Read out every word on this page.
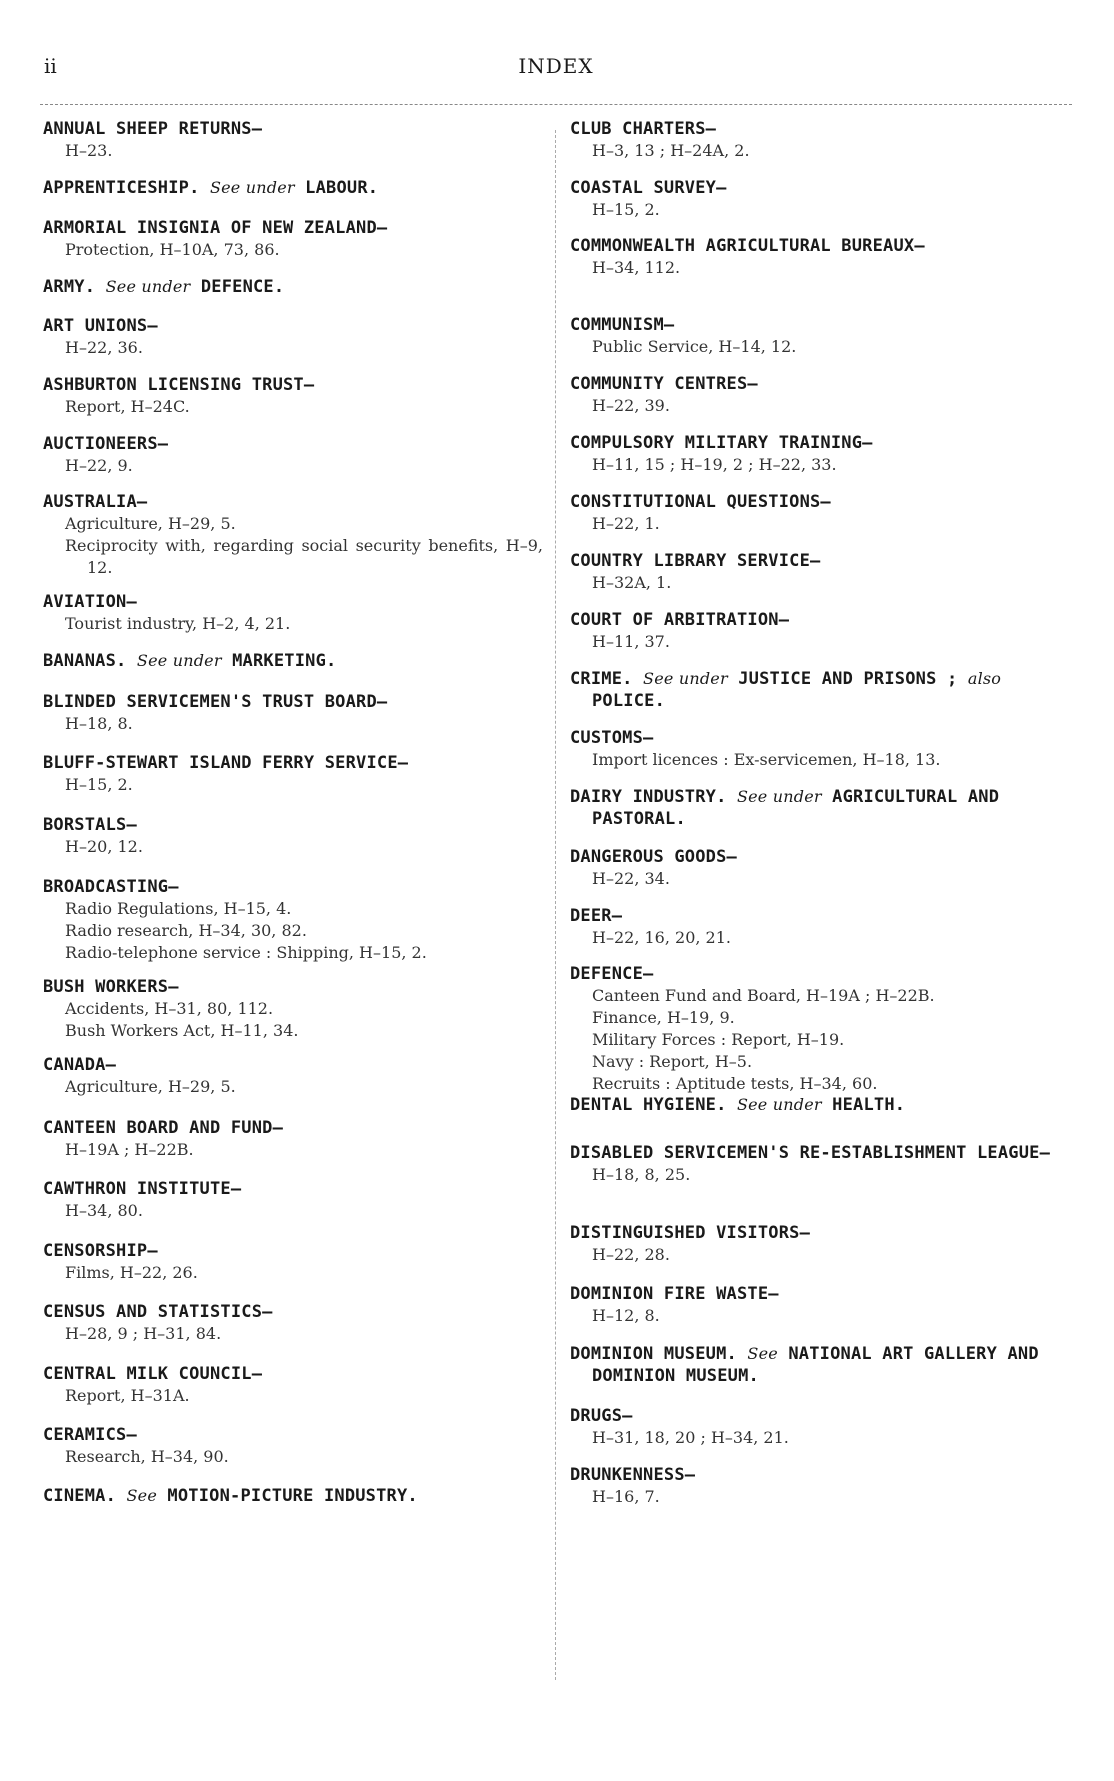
ii	INDEX
ANNUAL SHEEP RETURNS—
H–23.
APPRENTICESHIP. See under LABOUR.
ARMORIAL INSIGNIA OF NEW ZEALAND—
Protection, H–10A, 73, 86.
ARMY. See under DEFENCE.
ART UNIONS—
H–22, 36.
ASHBURTON LICENSING TRUST—
Report, H–24C.
AUCTIONEERS—
H–22, 9.
AUSTRALIA—
Agriculture, H–29, 5.
Reciprocity with, regarding social security benefits, H–9, 12.
AVIATION—
Tourist industry, H–2, 4, 21.
BANANAS. See under MARKETING.
BLINDED SERVICEMEN'S TRUST BOARD—
H–18, 8.
BLUFF-STEWART ISLAND FERRY SERVICE—
H–15, 2.
BORSTALS—
H–20, 12.
BROADCASTING—
Radio Regulations, H–15, 4.
Radio research, H–34, 30, 82.
Radio-telephone service : Shipping, H–15, 2.
BUSH WORKERS—
Accidents, H–31, 80, 112.
Bush Workers Act, H–11, 34.
CANADA—
Agriculture, H–29, 5.
CANTEEN BOARD AND FUND—
H–19A ; H–22B.
CAWTHRON INSTITUTE—
H–34, 80.
CENSORSHIP—
Films, H–22, 26.
CENSUS AND STATISTICS—
H–28, 9 ; H–31, 84.
CENTRAL MILK COUNCIL—
Report, H–31A.
CERAMICS—
Research, H–34, 90.
CINEMA. See MOTION-PICTURE INDUSTRY.
CLUB CHARTERS—
H–3, 13 ; H–24A, 2.
COASTAL SURVEY—
H–15, 2.
COMMONWEALTH AGRICULTURAL BUREAUX—
H–34, 112.
COMMUNISM—
Public Service, H–14, 12.
COMMUNITY CENTRES—
H–22, 39.
COMPULSORY MILITARY TRAINING—
H–11, 15 ; H–19, 2 ; H–22, 33.
CONSTITUTIONAL QUESTIONS—
H–22, 1.
COUNTRY LIBRARY SERVICE—
H–32A, 1.
COURT OF ARBITRATION—
H–11, 37.
CRIME. See under JUSTICE AND PRISONS ; also POLICE.
CUSTOMS—
Import licences : Ex-servicemen, H–18, 13.
DAIRY INDUSTRY. See under AGRICULTURAL AND PASTORAL.
DANGEROUS GOODS—
H–22, 34.
DEER—
H–22, 16, 20, 21.
DEFENCE—
Canteen Fund and Board, H–19A ; H–22B.
Finance, H–19, 9.
Military Forces : Report, H–19.
Navy : Report, H–5.
Recruits : Aptitude tests, H–34, 60.
DENTAL HYGIENE. See under HEALTH.
DISABLED SERVICEMEN'S RE-ESTABLISHMENT LEAGUE—
H–18, 8, 25.
DISTINGUISHED VISITORS—
H–22, 28.
DOMINION FIRE WASTE—
H–12, 8.
DOMINION MUSEUM. See NATIONAL ART GALLERY AND DOMINION MUSEUM.
DRUGS—
H–31, 18, 20 ; H–34, 21.
DRUNKENNESS—
H–16, 7.
